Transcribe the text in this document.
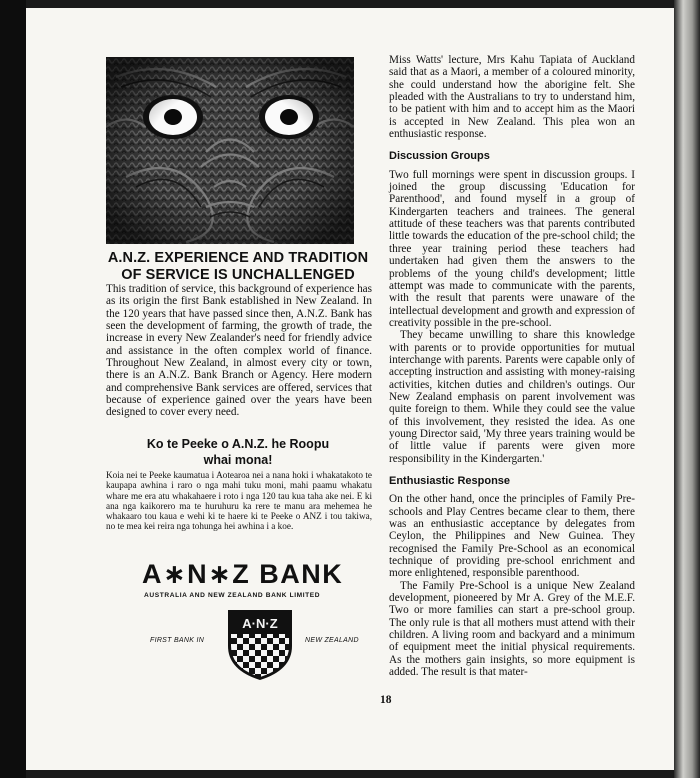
A.N.Z. EXPERIENCE AND TRADITION
OF SERVICE IS UNCHALLENGED
This tradition of service, this background of experience has as its origin the first Bank established in New Zealand. In the 120 years that have passed since then, A.N.Z. Bank has seen the development of farming, the growth of trade, the increase in every New Zealander's need for friendly advice and assistance in the often complex world of finance. Throughout New Zealand, in almost every city or town, there is an A.N.Z. Bank Branch or Agency. Here modern and comprehensive Bank services are offered, services that because of experience gained over the years have been designed to cover every need.
Ko te Peeke o A.N.Z. he Roopu
whai mona!
Koia nei te Peeke kaumatua i Aotearoa nei a nana hoki i whakatakoto te kaupapa awhina i raro o nga mahi tuku moni, mahi paamu whakatu whare me era atu whakahaere i roto i nga 120 tau kua taha ake nei. E ki ana nga kaikorero ma te huruhuru ka rere te manu ara mehemea he whakaaro tou kaua e wehi ki te haere ki te Peeke o ANZ i tou takiwa, no te mea kei reira nga tohunga hei awhina i a koe.
A∗N∗Z BANK
AUSTRALIA AND NEW ZEALAND BANK LIMITED
FIRST BANK IN	NEW ZEALAND
A·N·Z

Miss Watts' lecture, Mrs Kahu Tapiata of Auckland said that as a Maori, a member of a coloured minority, she could understand how the aborigine felt. She pleaded with the Australians to try to understand him, to be patient with him and to accept him as the Maori is accepted in New Zealand. This plea won an enthusiastic response.

Discussion Groups

Two full mornings were spent in discussion groups. I joined the group discussing 'Education for Parenthood', and found myself in a group of Kindergarten teachers and trainees. The general attitude of these teachers was that parents contributed little towards the education of the pre-school child; the three year training period these teachers had undertaken had given them the answers to the problems of the young child's development; little attempt was made to communicate with the parents, with the result that parents were unaware of the intellectual development and growth and expression of creativity possible in the pre-school.

They became unwilling to share this knowledge with parents or to provide opportunities for mutual interchange with parents. Parents were capable only of accepting instruction and assisting with money-raising activities, kitchen duties and children's outings. Our New Zealand emphasis on parent involvement was quite foreign to them. While they could see the value of this involvement, they resisted the idea. As one young Director said, 'My three years training would be of little value if parents were given more responsibility in the Kindergarten.'

Enthusiastic Response

On the other hand, once the principles of Family Pre-schools and Play Centres became clear to them, there was an enthusiastic acceptance by delegates from Ceylon, the Philippines and New Guinea. They recognised the Family Pre-School as an economical technique of providing pre-school enrichment and more enlightened, responsible parenthood.

The Family Pre-School is a unique New Zealand development, pioneered by Mr A. Grey of the M.E.F. Two or more families can start a pre-school group. The only rule is that all mothers must attend with their children. A living room and backyard and a minimum of equipment meet the initial physical requirements. As the mothers gain insights, so more equipment is added. The result is that mater-

18
